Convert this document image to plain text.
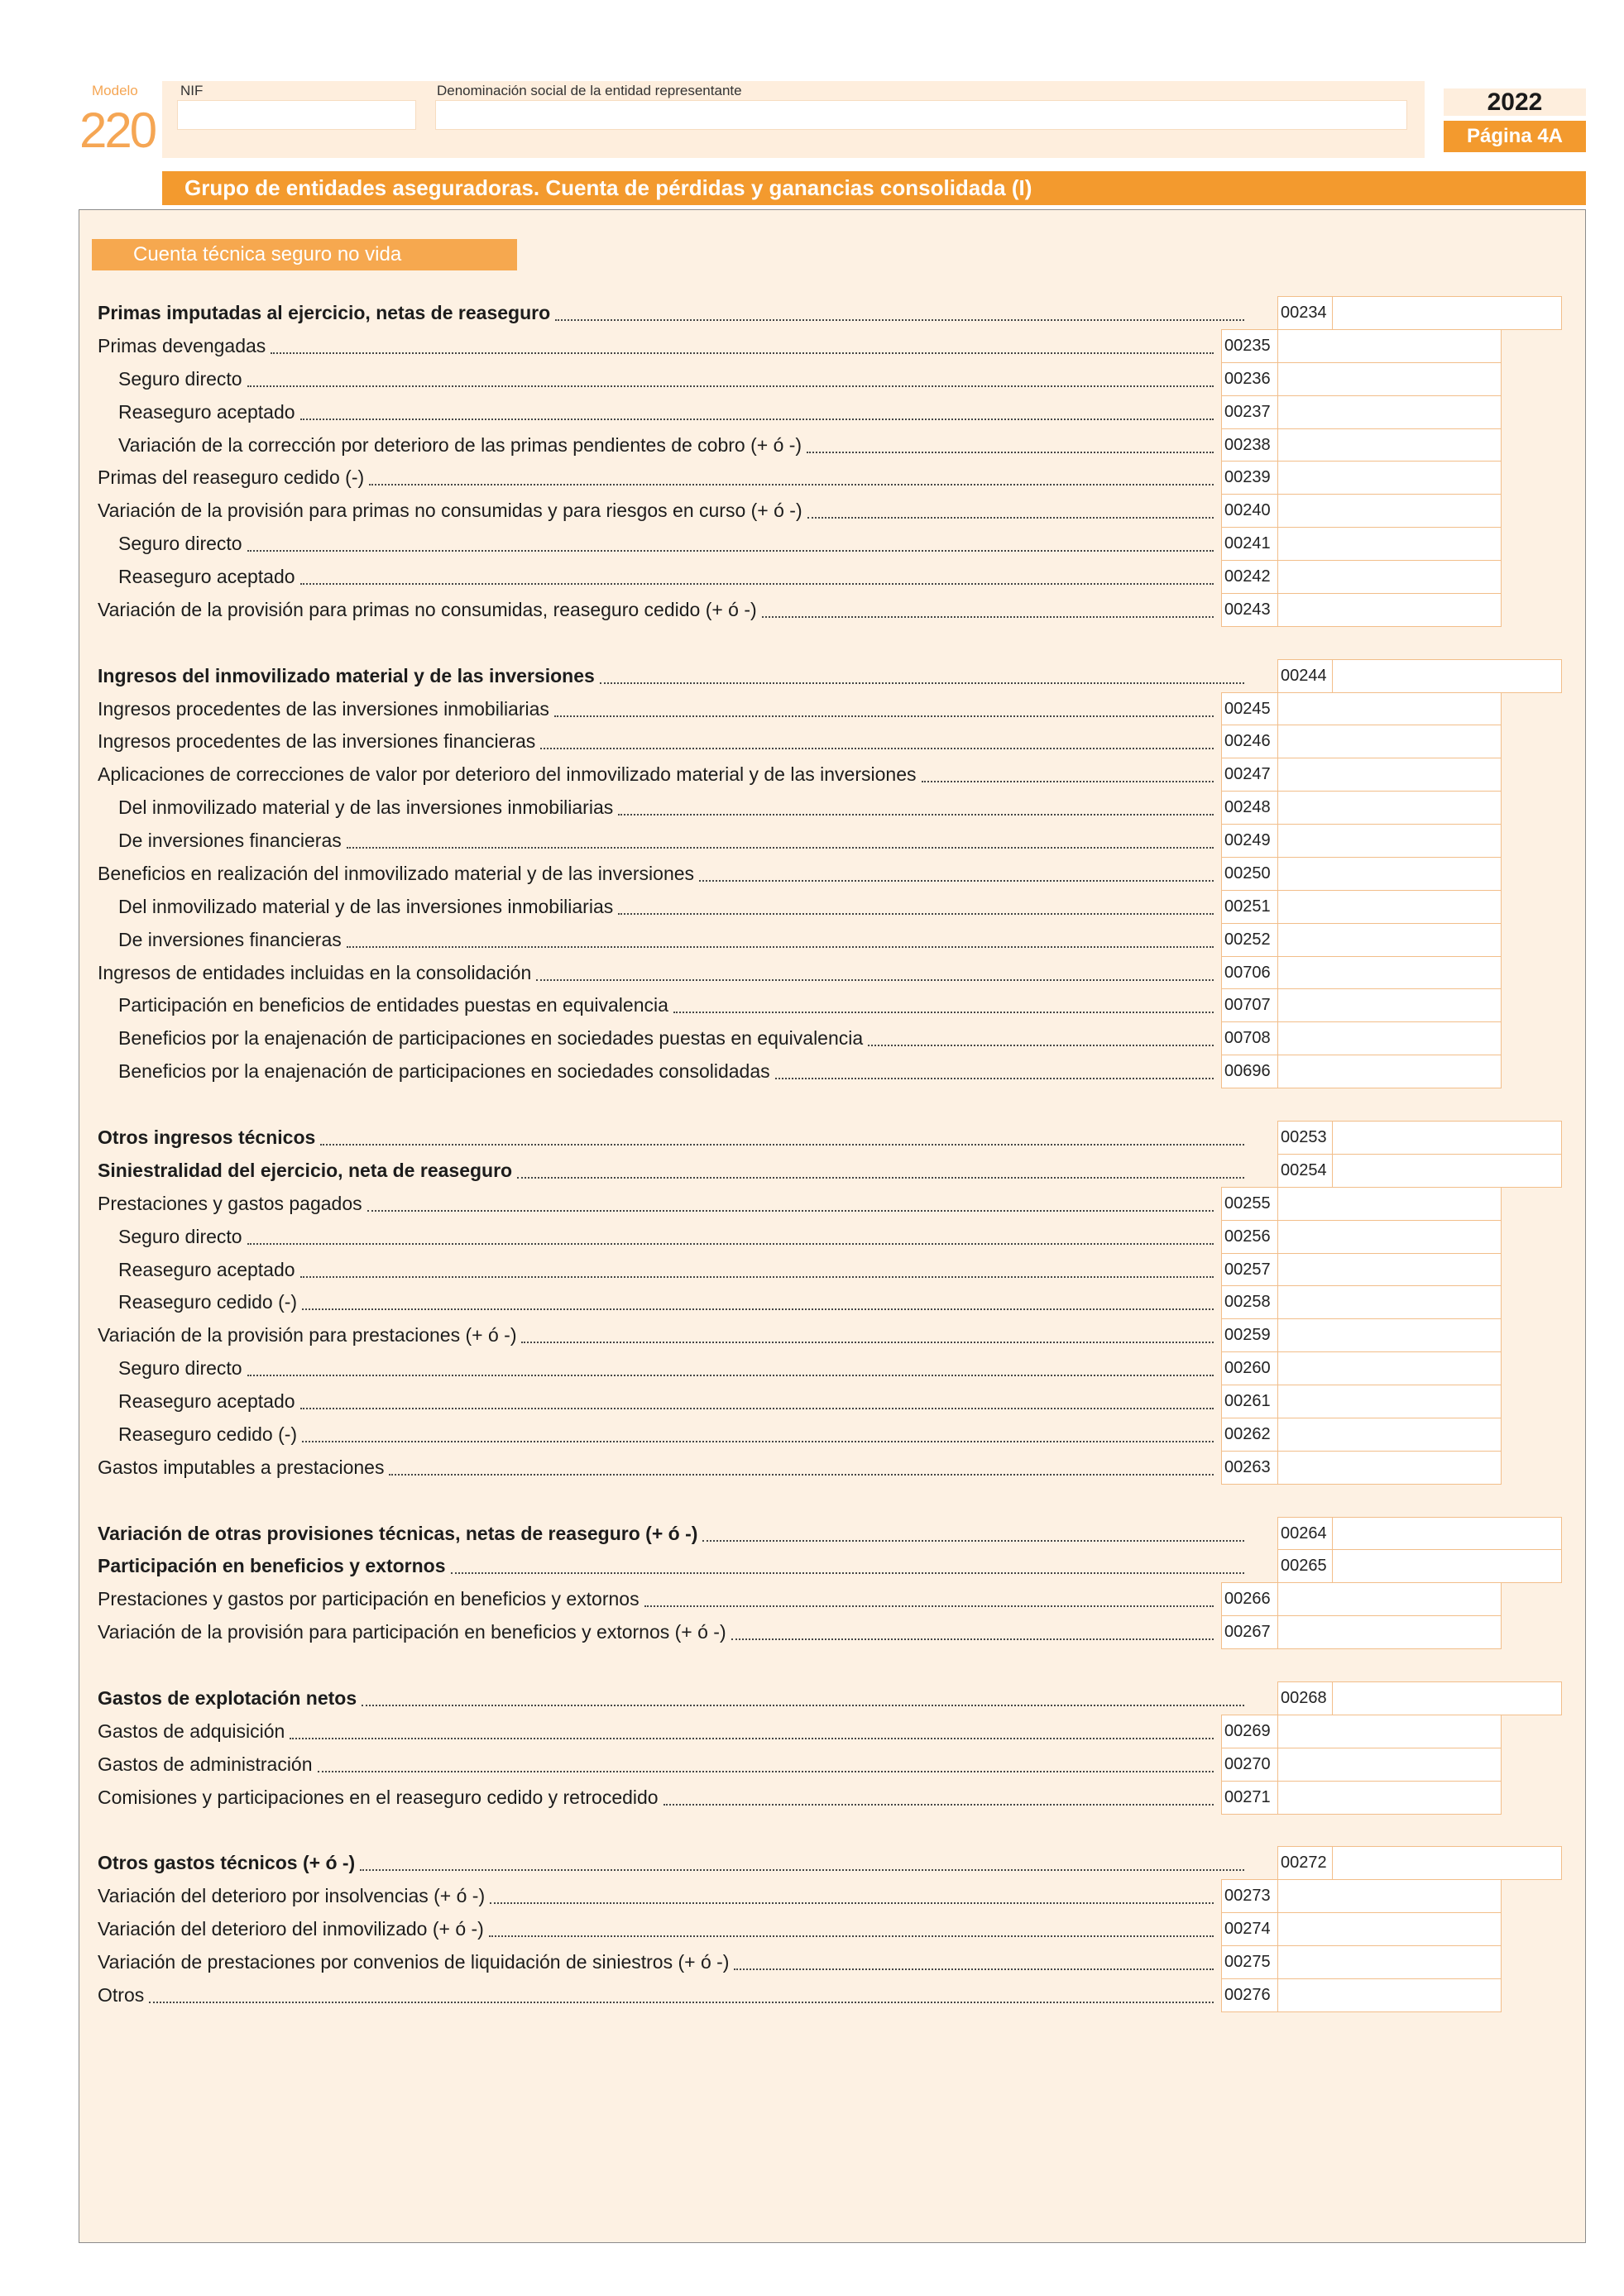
Modelo
220
NIF	Denominación social de la entidad representante	2022
Página 4A
Grupo de entidades aseguradoras. Cuenta de pérdidas y ganancias consolidada (I)
Cuenta técnica seguro no vida
Primas imputadas al ejercicio, netas de reaseguro	00234
Primas devengadas	00235
Seguro directo	00236
Reaseguro aceptado	00237
Variación de la corrección por deterioro de las primas pendientes de cobro (+ ó -)	00238
Primas del reaseguro cedido (-)	00239
Variación de la provisión para primas no consumidas y para riesgos en curso (+ ó -)	00240
Seguro directo	00241
Reaseguro aceptado	00242
Variación de la provisión para primas no consumidas, reaseguro cedido (+ ó -)	00243
Ingresos del inmovilizado material y de las inversiones	00244
Ingresos procedentes de las inversiones inmobiliarias	00245
Ingresos procedentes de las inversiones financieras	00246
Aplicaciones de correcciones de valor por deterioro del inmovilizado material y de las inversiones	00247
Del inmovilizado material y de las inversiones inmobiliarias	00248
De inversiones financieras	00249
Beneficios en realización del inmovilizado material y de las inversiones	00250
Del inmovilizado material y de las inversiones inmobiliarias	00251
De inversiones financieras	00252
Ingresos de entidades incluidas en la consolidación	00706
Participación en beneficios de entidades puestas en equivalencia	00707
Beneficios por la enajenación de participaciones en sociedades puestas en equivalencia	00708
Beneficios por la enajenación de participaciones en sociedades consolidadas	00696
Otros ingresos técnicos	00253
Siniestralidad del ejercicio, neta de reaseguro	00254
Prestaciones y gastos pagados	00255
Seguro directo	00256
Reaseguro aceptado	00257
Reaseguro cedido (-)	00258
Variación de la provisión para prestaciones (+ ó -)	00259
Seguro directo	00260
Reaseguro aceptado	00261
Reaseguro cedido (-)	00262
Gastos imputables a prestaciones	00263
Variación de otras provisiones técnicas, netas de reaseguro (+ ó -)	00264
Participación en beneficios y extornos	00265
Prestaciones y gastos por participación en beneficios y extornos	00266
Variación de la provisión para participación en beneficios y extornos (+ ó -)	00267
Gastos de explotación netos	00268
Gastos de adquisición	00269
Gastos de administración	00270
Comisiones y participaciones en el reaseguro cedido y retrocedido	00271
Otros gastos técnicos (+ ó -)	00272
Variación del deterioro por insolvencias (+ ó -)	00273
Variación del deterioro del inmovilizado (+ ó -)	00274
Variación de prestaciones por convenios de liquidación de siniestros (+ ó -)	00275
Otros	00276
